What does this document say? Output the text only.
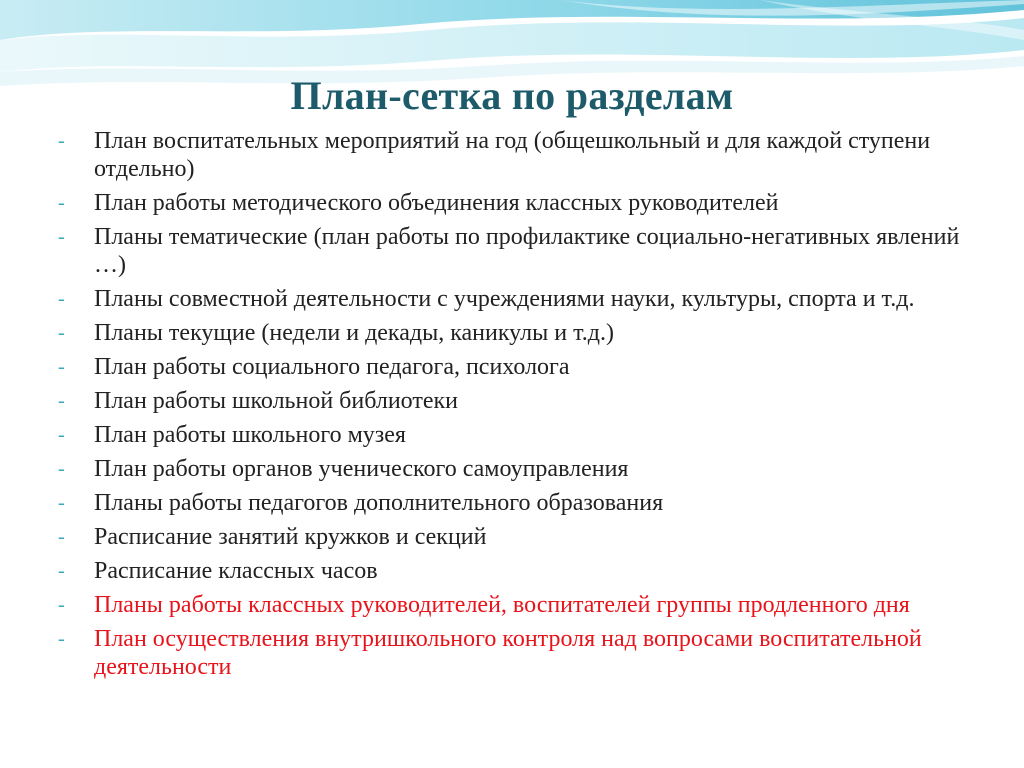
План-сетка по разделам
- План воспитательных мероприятий на год (общешкольный и для каждой ступени отдельно)
- План работы методического объединения классных руководителей
- Планы тематические (план работы по профилактике социально-негативных явлений …)
- Планы совместной деятельности с учреждениями науки, культуры, спорта и т.д.
- Планы текущие (недели и декады, каникулы и т.д.)
- План работы социального педагога, психолога
- План работы школьной библиотеки
- План работы школьного музея
- План работы органов ученического самоуправления
- Планы работы педагогов дополнительного образования
- Расписание занятий кружков и секций
- Расписание классных часов
- Планы работы классных руководителей, воспитателей группы продленного дня
- План осуществления внутришкольного контроля над вопросами воспитательной деятельности
